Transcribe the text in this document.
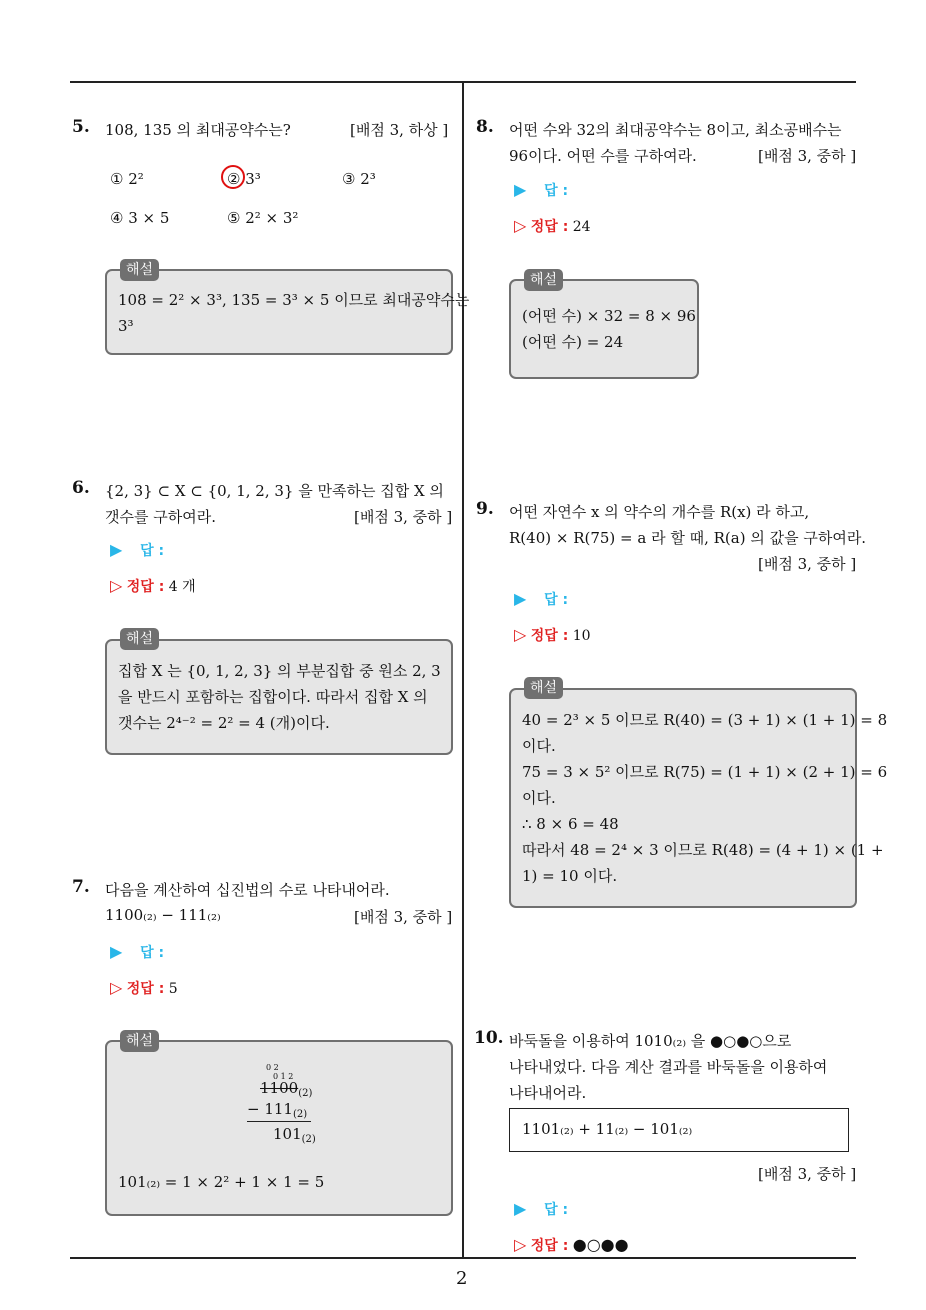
5. 108, 135 의 최대공약수는?	[배점 3, 하상 ]
① 2²	② 3³	③ 2³
④ 3 × 5	⑤ 2² × 3²
해설
108 = 2² × 3³, 135 = 3³ × 5 이므로 최대공약수는
3³
6. {2, 3} ⊂ X ⊂ {0, 1, 2, 3} 을 만족하는 집합 X 의
갯수를 구하여라.	[배점 3, 중하 ]
▶ 답 :
▷ 정답 : 4 개
해설
집합 X 는 {0, 1, 2, 3} 의 부분집합 중 원소 2, 3
을 반드시 포함하는 집합이다. 따라서 집합 X 의
갯수는 2⁴⁻² = 2² = 4 (개)이다.
7. 다음을 계산하여 십진법의 수로 나타내어라.
1100₍₂₎ − 111₍₂₎	[배점 3, 중하 ]
▶ 답 :
▷ 정답 : 5
해설
0 2
0 1 2
$1100_{(2)}$
− $111_{(2)}$
$101_{(2)}$
101₍₂₎ = 1 × 2² + 1 × 1 = 5
8. 어떤 수와 32의 최대공약수는 8이고, 최소공배수는
96이다. 어떤 수를 구하여라.	[배점 3, 중하 ]
▶ 답 :
▷ 정답 : 24
해설
(어떤 수) × 32 = 8 × 96
(어떤 수) = 24
9. 어떤 자연수 x 의 약수의 개수를 R(x) 라 하고,
R(40) × R(75) = a 라 할 때, R(a) 의 값을 구하여라.
[배점 3, 중하 ]
▶ 답 :
▷ 정답 : 10
해설
40 = 2³ × 5 이므로 R(40) = (3 + 1) × (1 + 1) = 8
이다.
75 = 3 × 5² 이므로 R(75) = (1 + 1) × (2 + 1) = 6
이다.
∴ 8 × 6 = 48
따라서 48 = 2⁴ × 3 이므로 R(48) = (4 + 1) × (1 +
1) = 10 이다.
10. 바둑돌을 이용하여 1010₍₂₎ 을 ●○●○으로
나타내었다. 다음 계산 결과를 바둑돌을 이용하여
나타내어라.
1101₍₂₎ + 11₍₂₎ − 101₍₂₎
[배점 3, 중하 ]
▶ 답 :
▷ 정답 : ●○●●
2
